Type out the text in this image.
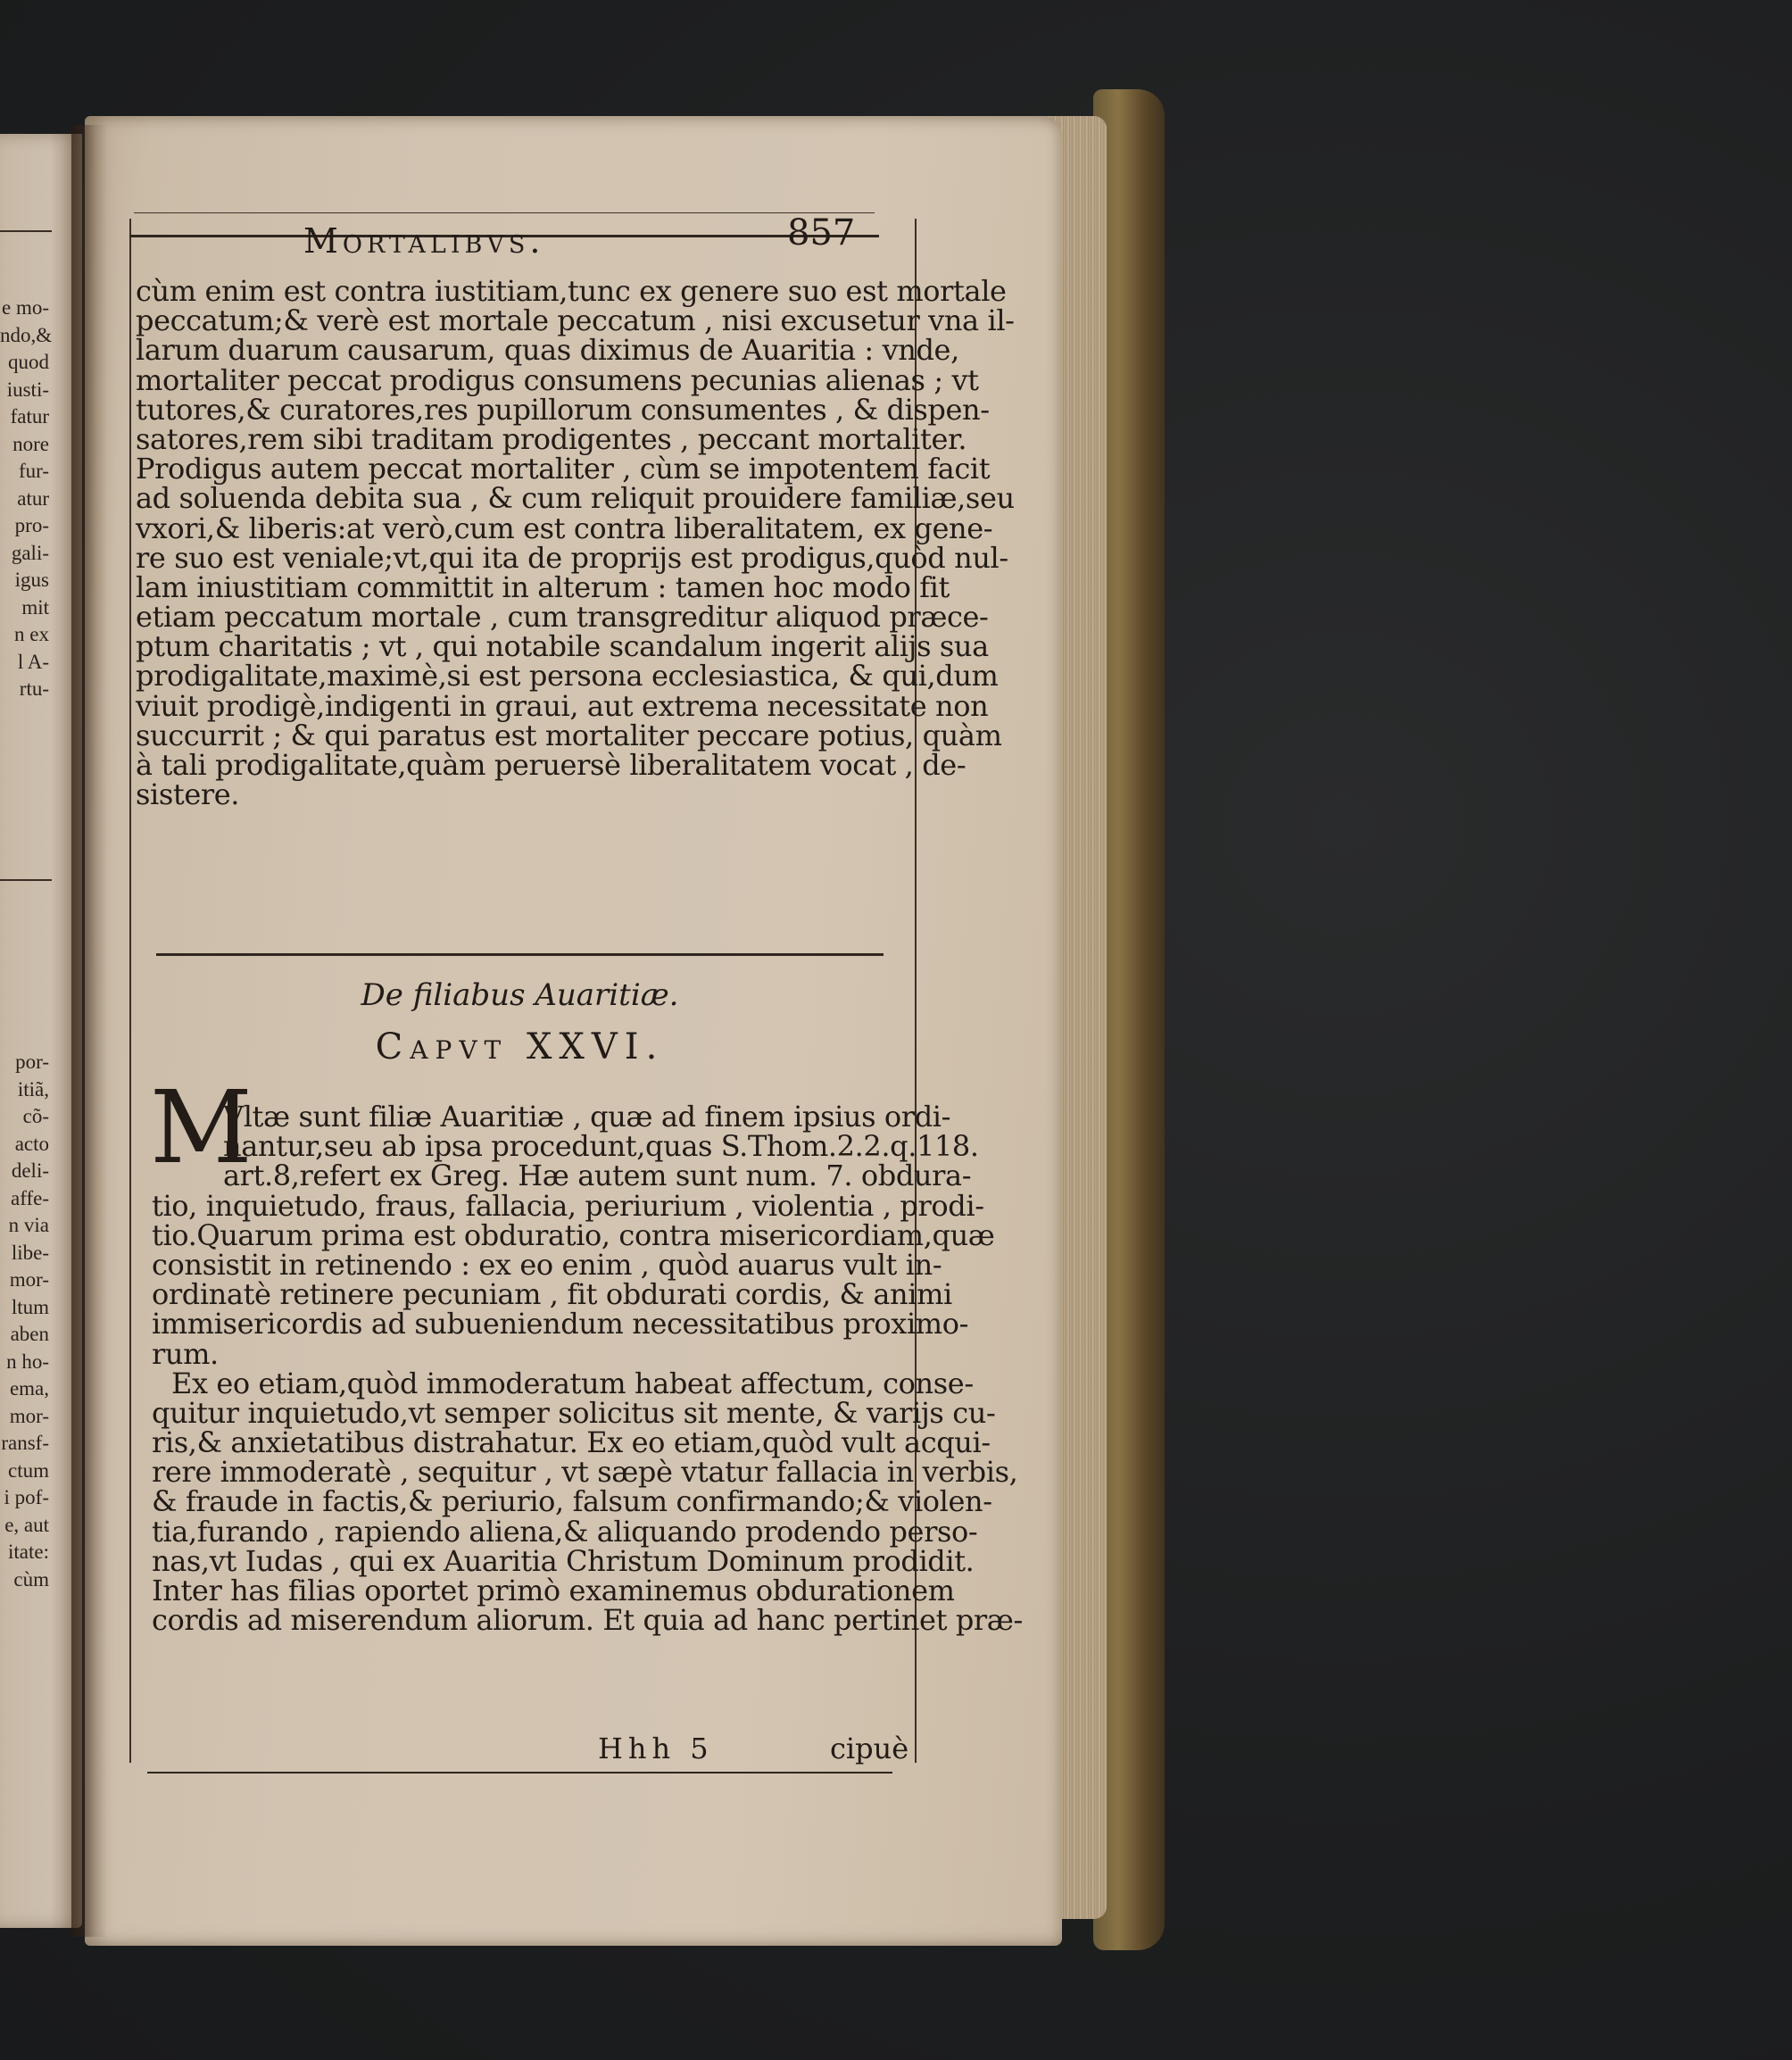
e mo-
ndo,&
quod
iusti-
fatur
nore
fur-
atur
pro-
gali-
igus
mit
n ex
l A-
rtu-
por-
itiã,
cõ-
acto
deli-
affe-
n via
libe-
mor-
ltum
aben
n ho-
ema,
mor-
ransf-
ctum
i pof-
e, aut
itate:
cùm
Mortalibvs.	857
cùm enim est contra iustitiam,tunc ex genere suo est mortale
peccatum;& verè est mortale peccatum , nisi excusetur vna il-
larum duarum causarum, quas diximus de Auaritia : vnde,
mortaliter peccat prodigus consumens pecunias alienas ; vt
tutores,& curatores,res pupillorum consumentes , & dispen-
satores,rem sibi traditam prodigentes , peccant mortaliter.
Prodigus autem peccat mortaliter , cùm se impotentem facit
ad soluenda debita sua , & cum reliquit prouidere familiæ,seu
vxori,& liberis:at verò,cum est contra liberalitatem, ex gene-
re suo est veniale;vt,qui ita de proprijs est prodigus,quòd nul-
lam iniustitiam committit in alterum : tamen hoc modo fit
etiam peccatum mortale , cum transgreditur aliquod præce-
ptum charitatis ; vt , qui notabile scandalum ingerit alijs sua
prodigalitate,maximè,si est persona ecclesiastica, & qui,dum
viuit prodigè,indigenti in graui, aut extrema necessitate non
succurrit ; & qui paratus est mortaliter peccare potius, quàm
à tali prodigalitate,quàm peruersè liberalitatem vocat , de-
sistere.
De filiabus Auaritiæ.
Capvt XXVI.
M
Vltæ sunt filiæ Auaritiæ , quæ ad finem ipsius ordi-
nantur,seu ab ipsa procedunt,quas S.Thom.2.2.q.118.
art.8,refert ex Greg. Hæ autem sunt num. 7. obdura-
tio, inquietudo, fraus, fallacia, periurium , violentia , prodi-
tio.Quarum prima est obduratio, contra misericordiam,quæ
consistit in retinendo : ex eo enim , quòd auarus vult in-
ordinatè retinere pecuniam , fit obdurati cordis, & animi
immisericordis ad subueniendum necessitatibus proximo-
rum.
Ex eo etiam,quòd immoderatum habeat affectum, conse-
quitur inquietudo,vt semper solicitus sit mente, & varijs cu-
ris,& anxietatibus distrahatur. Ex eo etiam,quòd vult acqui-
rere immoderatè , sequitur , vt sæpè vtatur fallacia in verbis,
& fraude in factis,& periurio, falsum confirmando;& violen-
tia,furando , rapiendo aliena,& aliquando prodendo perso-
nas,vt Iudas , qui ex Auaritia Christum Dominum prodidit.
Inter has filias oportet primò examinemus obdurationem
cordis ad miserendum aliorum. Et quia ad hanc pertinet præ-
Hhh 5	cipuè
